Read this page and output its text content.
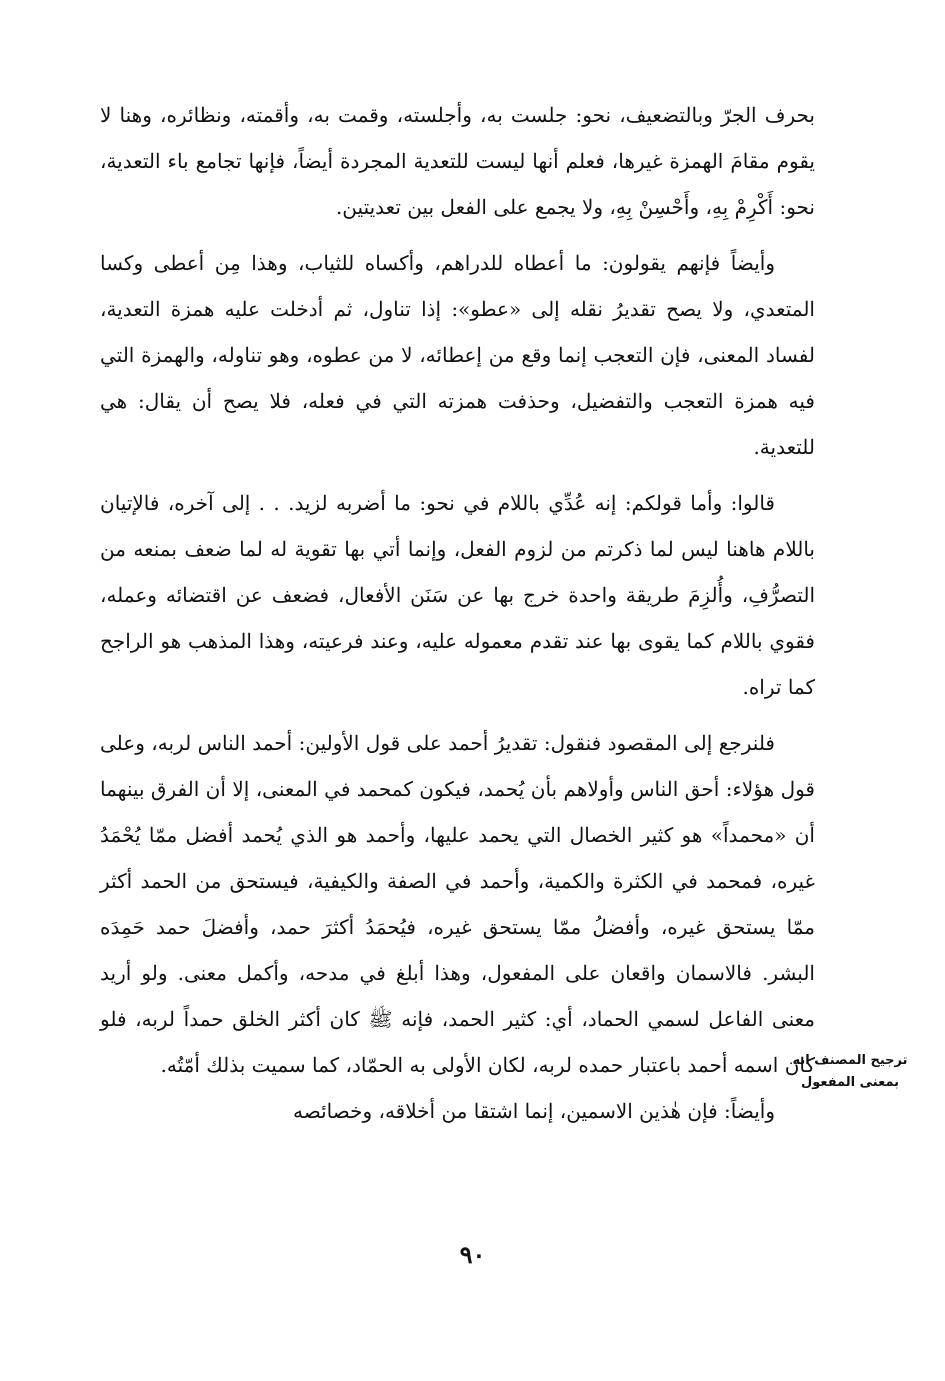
بحرف الجرّ وبالتضعيف، نحو: جلست به، وأجلسته، وقمت به، وأقمته، ونظائره، وهنا لا يقوم مقامَ الهمزة غيرها، فعلم أنها ليست للتعدية المجردة أيضاً، فإنها تجامع باء التعدية، نحو: أَكْرِمْ بِهِ، وأَحْسِنْ بِهِ، ولا يجمع على الفعل بين تعديتين.

وأيضاً فإنهم يقولون: ما أعطاه للدراهم، وأكساه للثياب، وهذا مِن أعطى وكسا المتعدي، ولا يصح تقديرُ نقله إلى «عطو»: إذا تناول، ثم أدخلت عليه همزة التعدية، لفساد المعنى، فإن التعجب إنما وقع من إعطائه، لا من عطوه، وهو تناوله، والهمزة التي فيه همزة التعجب والتفضيل، وحذفت همزته التي في فعله، فلا يصح أن يقال: هي للتعدية.

قالوا: وأما قولكم: إنه عُدِّي باللام في نحو: ما أضربه لزيد. . . إلى آخره، فالإتيان باللام هاهنا ليس لما ذكرتم من لزوم الفعل، وإنما أتي بها تقوية له لما ضعف بمنعه من التصرُّفِ، وأُلزِمَ طريقة واحدة خرج بها عن سَنَن الأفعال، فضعف عن اقتضائه وعمله، فقوي باللام كما يقوى بها عند تقدم معموله عليه، وعند فرعيته، وهذا المذهب هو الراجح كما تراه.

فلنرجع إلى المقصود فنقول: تقديرُ أحمد على قول الأولين: أحمد الناس لربه، وعلى قول هؤلاء: أحق الناس وأولاهم بأن يُحمد، فيكون كمحمد في المعنى، إلا أن الفرق بينهما أن «محمداً» هو كثير الخصال التي يحمد عليها، وأحمد هو الذي يُحمد أفضل ممّا يُحْمَدُ غيره، فمحمد في الكثرة والكمية، وأحمد في الصفة والكيفية، فيستحق من الحمد أكثر ممّا يستحق غيره، وأفضلُ ممّا يستحق غيره، فيُحمَدُ أكثرَ حمد، وأفضلَ حمد حَمِدَه البشر. فالاسمان واقعان على المفعول، وهذا أبلغ في مدحه، وأكمل معنى. ولو أريد معنى الفاعل لسمي الحماد، أي: كثير الحمد، فإنه ﷺ كان أكثر الخلق حمداً لربه، فلو كان اسمه أحمد باعتبار حمده لربه، لكان الأولى به الحمّاد، كما سميت بذلك أمّتُه.

وأيضاً: فإن هٰذين الاسمين، إنما اشتقا من أخلاقه، وخصائصه

ترجيح المصنف انه
بمعنى المفعول
٩٠
